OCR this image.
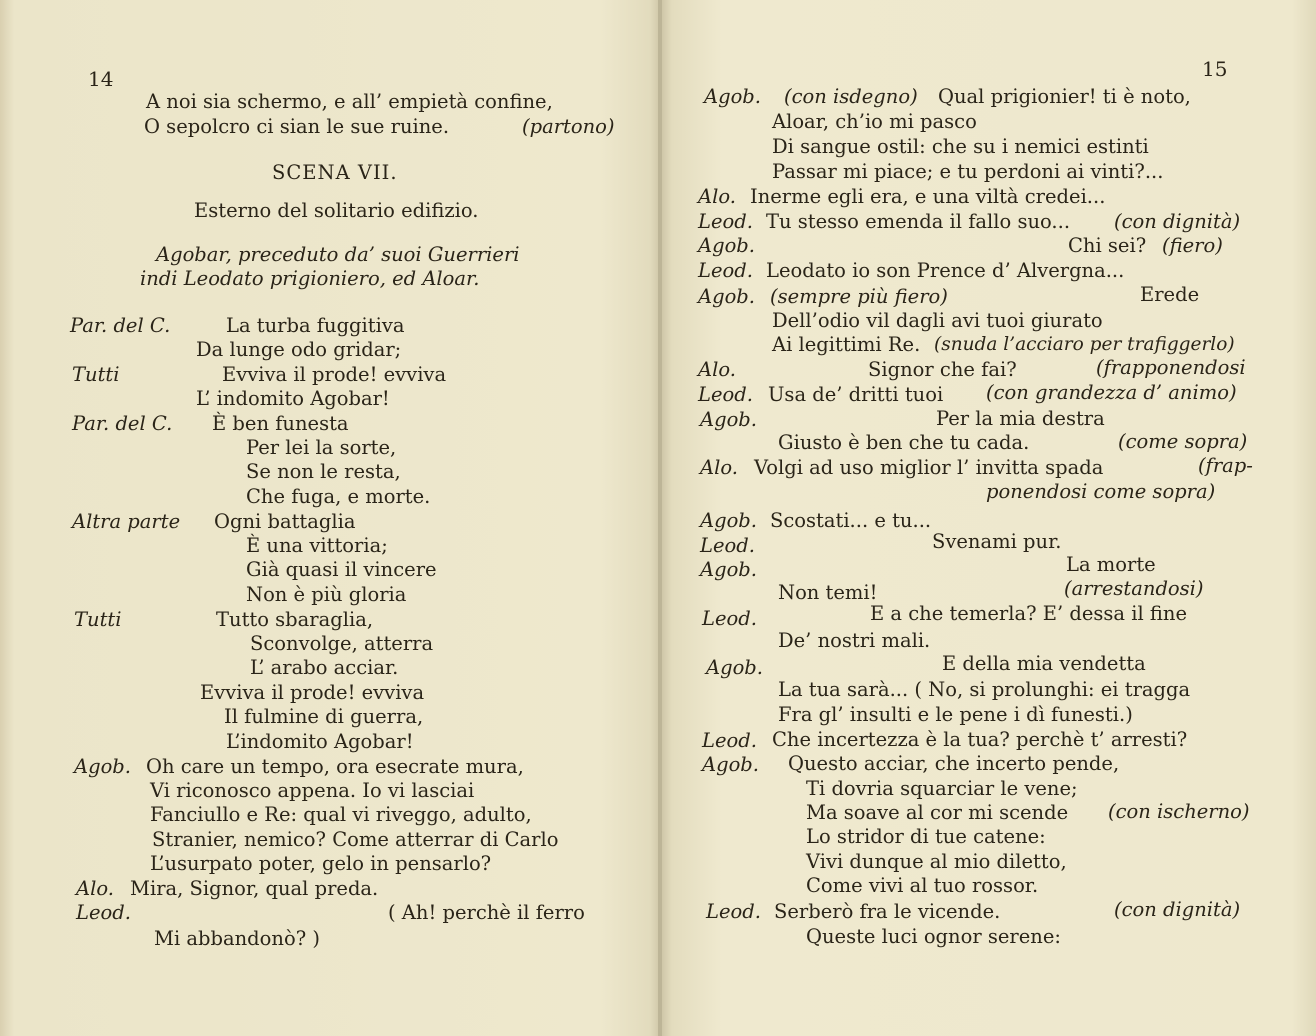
14
A noi sia schermo, e all’ empietà confine,
O sepolcro ci sian le sue ruine.	(partono)
SCENA VII.
Esterno del solitario edifizio.
Agobar, preceduto da’ suoi Guerrieri
indi Leodato prigioniero, ed Aloar.
Par. del C.	La turba fuggitiva
Da lunge odo gridar;
Tutti	Evviva il prode! evviva
L’ indomito Agobar!
Par. del C. È ben funesta
Per lei la sorte,
Se non le resta,
Che fuga, e morte.
Altra parte Ogni battaglia
È una vittoria;
Già quasi il vincere
Non è più gloria
Tutti	Tutto sbaraglia,
Sconvolge, atterra
L’ arabo acciar.
Evviva il prode! evviva
Il fulmine di guerra,
L’indomito Agobar!
Agob. Oh care un tempo, ora esecrate mura,
Vi riconosco appena. Io vi lasciai
Fanciullo e Re: qual vi riveggo, adulto,
Stranier, nemico? Come atterrar di Carlo
L’usurpato poter, gelo in pensarlo?
Alo. Mira, Signor, qual preda.
Leod.	( Ah! perchè il ferro
Mi abbandonò? )
15
Agob. (con isdegno) Qual prigionier! ti è noto,
Aloar, ch’io mi pasco
Di sangue ostil: che su i nemici estinti
Passar mi piace; e tu perdoni ai vinti?...
Alo. Inerme egli era, e una viltà credei...
Leod. Tu stesso emenda il fallo suo... (con dignità)
Agob.	Chi sei? (fiero)
Leod. Leodato io son Prence d’ Alvergna...
Agob. (sempre più fiero)	Erede
Dell’odio vil dagli avi tuoi giurato
Ai legittimi Re. (snuda l’acciaro per trafiggerlo)
Alo.	Signor che fai?	(frapponendosi
Leod. Usa de’ dritti tuoi (con grandezza d’ animo)
Agob.	Per la mia destra
Giusto è ben che tu cada.	(come sopra)
Alo. Volgi ad uso miglior l’ invitta spada	(frap-
ponendosi come sopra)
Agob. Scostati... e tu...
Leod.	Svenami pur.
Agob.	La morte
Non temi!	(arrestandosi)
Leod.	E a che temerla? E’ dessa il fine
De’ nostri mali.
Agob.	E della mia vendetta
La tua sarà... ( No, si prolunghi: ei tragga
Fra gl’ insulti e le pene i dì funesti.)
Leod. Che incertezza è la tua? perchè t’ arresti?
Agob. Questo acciar, che incerto pende,
Ti dovria squarciar le vene;
Ma soave al cor mi scende (con ischerno)
Lo stridor di tue catene:
Vivi dunque al mio diletto,
Come vivi al tuo rossor.
Leod. Serberò fra le vicende.	(con dignità)
Queste luci ognor serene:
